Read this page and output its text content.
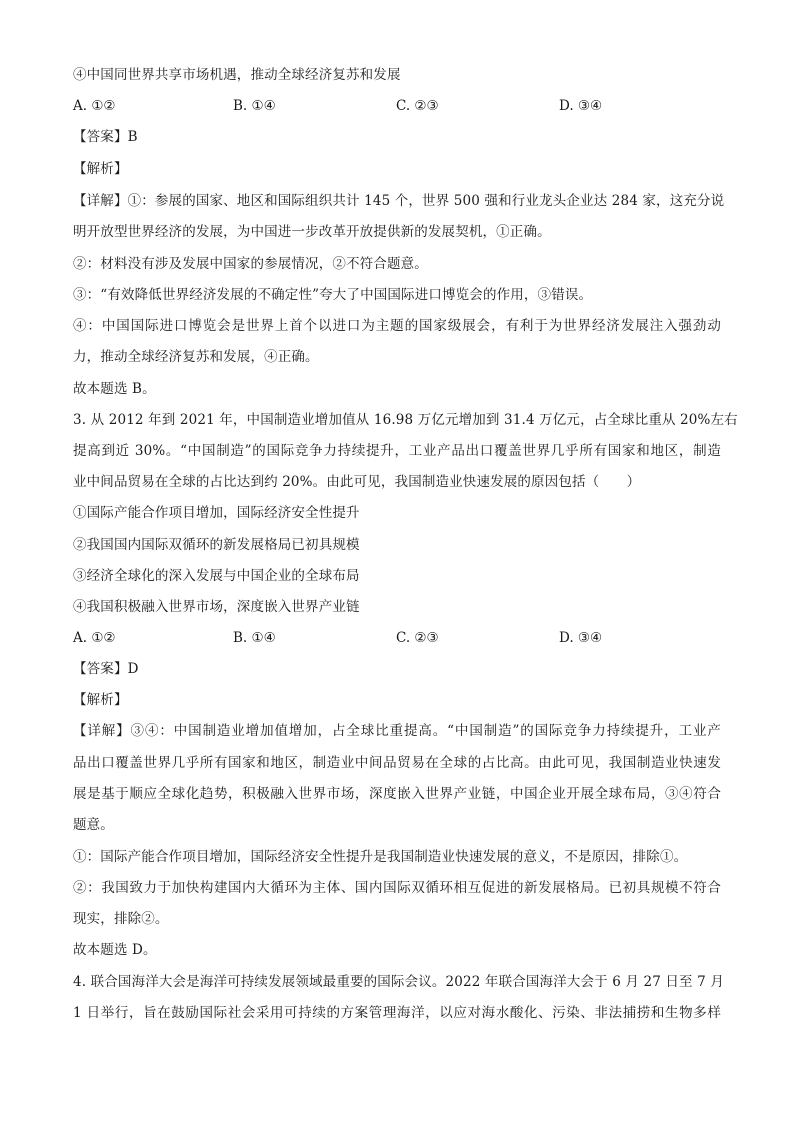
④中国同世界共享市场机遇，推动全球经济复苏和发展
A. ①②	B. ①④	C. ②③	D. ③④
【答案】B
【解析】
【详解】①：参展的国家、地区和国际组织共计 145 个，世界 500 强和行业龙头企业达 284 家，这充分说
明开放型世界经济的发展，为中国进一步改革开放提供新的发展契机，①正确。
②：材料没有涉及发展中国家的参展情况，②不符合题意。
③：“有效降低世界经济发展的不确定性”夸大了中国国际进口博览会的作用，③错误。
④：中国国际进口博览会是世界上首个以进口为主题的国家级展会，有利于为世界经济发展注入强劲动
力，推动全球经济复苏和发展，④正确。
故本题选 B。
3. 从 2012 年到 2021 年，中国制造业增加值从 16.98 万亿元增加到 31.4 万亿元，占全球比重从 20%左右
提高到近 30%。“中国制造”的国际竞争力持续提升，工业产品出口覆盖世界几乎所有国家和地区，制造
业中间品贸易在全球的占比达到约 20%。由此可见，我国制造业快速发展的原因包括（　　）
①国际产能合作项目增加，国际经济安全性提升
②我国国内国际双循环的新发展格局已初具规模
③经济全球化的深入发展与中国企业的全球布局
④我国积极融入世界市场，深度嵌入世界产业链
A. ①②	B. ①④	C. ②③	D. ③④
【答案】D
【解析】
【详解】③④：中国制造业增加值增加，占全球比重提高。“中国制造”的国际竞争力持续提升，工业产
品出口覆盖世界几乎所有国家和地区，制造业中间品贸易在全球的占比高。由此可见，我国制造业快速发
展是基于顺应全球化趋势，积极融入世界市场，深度嵌入世界产业链，中国企业开展全球布局，③④符合
题意。
①：国际产能合作项目增加，国际经济安全性提升是我国制造业快速发展的意义，不是原因，排除①。
②：我国致力于加快构建国内大循环为主体、国内国际双循环相互促进的新发展格局。已初具规模不符合
现实，排除②。
故本题选 D。
4. 联合国海洋大会是海洋可持续发展领域最重要的国际会议。2022 年联合国海洋大会于 6 月 27 日至 7 月
1 日举行，旨在鼓励国际社会采用可持续的方案管理海洋，以应对海水酸化、污染、非法捕捞和生物多样
